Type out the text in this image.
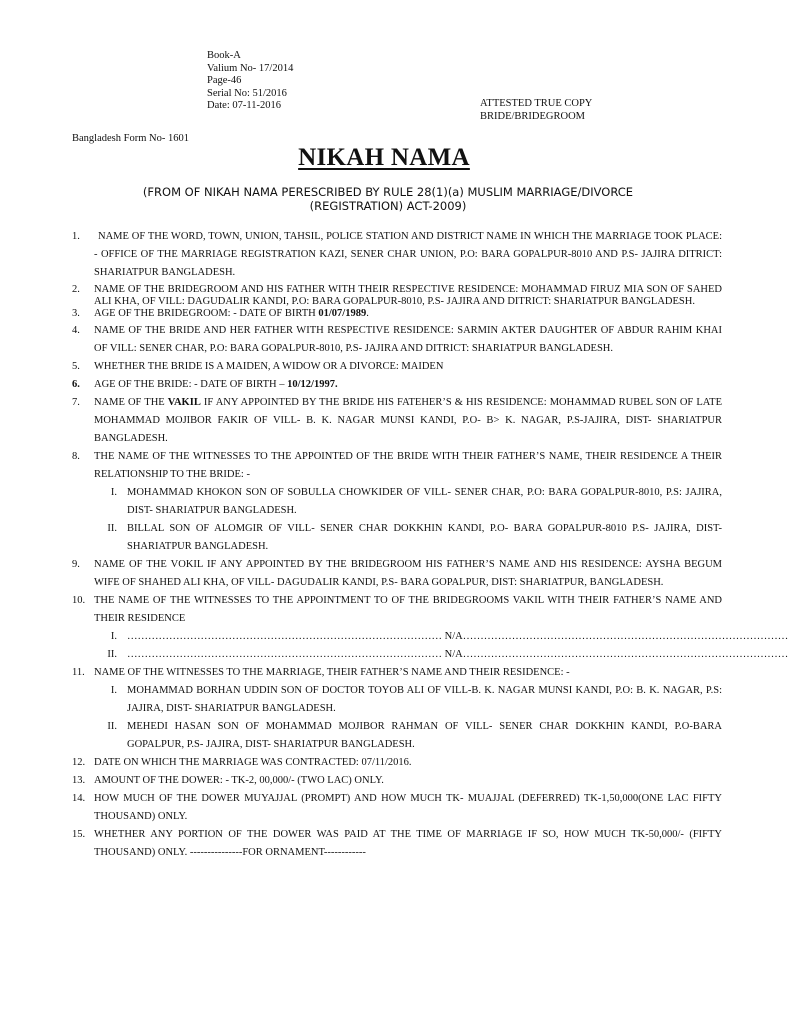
Book-A
Valium No- 17/2014
Page-46
Serial No: 51/2016
Date: 07-11-2016	ATTESTED TRUE COPY
BRIDE/BRIDEGROOM
Bangladesh Form No- 1601
NIKAH NAMA
(FROM OF NIKAH NAMA PERESCRIBED BY RULE 28(1)(a) MUSLIM MARRIAGE/DIVORCE (REGISTRATION) ACT-2009)
1.	NAME OF THE WORD, TOWN, UNION, TAHSIL, POLICE STATION AND DISTRICT NAME IN WHICH THE MARRIAGE TOOK PLACE: - OFFICE OF THE MARRIAGE REGISTRATION KAZI, SENER CHAR UNION, P.O: BARA GOPALPUR-8010 AND P.S- JAJIRA DITRICT: SHARIATPUR BANGLADESH.
2.	NAME OF THE BRIDEGROOM AND HIS FATHER WITH THEIR RESPECTIVE RESIDENCE: MOHAMMAD FIRUZ MIA SON OF SAHED ALI KHA, OF VILL: DAGUDALIR KANDI, P.O: BARA GOPALPUR-8010, P.S- JAJIRA AND DITRICT: SHARIATPUR BANGLADESH.
3.	AGE OF THE BRIDEGROOM: - DATE OF BIRTH 01/07/1989.
4.	NAME OF THE BRIDE AND HER FATHER WITH RESPECTIVE RESIDENCE: SARMIN AKTER DAUGHTER OF ABDUR RAHIM KHAI OF VILL: SENER CHAR, P.O: BARA GOPALPUR-8010, P.S- JAJIRA AND DITRICT: SHARIATPUR BANGLADESH.
5.	WHETHER THE BRIDE IS A MAIDEN, A WIDOW OR A DIVORCE: MAIDEN
6.	AGE OF THE BRIDE: - DATE OF BIRTH – 10/12/1997.
7.	NAME OF THE VAKIL IF ANY APPOINTED BY THE BRIDE HIS FATEHER’S & HIS RESIDENCE: MOHAMMAD RUBEL SON OF LATE MOHAMMAD MOJIBOR FAKIR OF VILL- B. K. NAGAR MUNSI KANDI, P.O- B> K. NAGAR, P.S-JAJIRA, DIST- SHARIATPUR BANGLADESH.
8.	THE NAME OF THE WITNESSES TO THE APPOINTED OF THE BRIDE WITH THEIR FATHER’S NAME, THEIR RESIDENCE A THEIR RELATIONSHIP TO THE BRIDE: -
I. MOHAMMAD KHOKON SON OF SOBULLA CHOWKIDER OF VILL- SENER CHAR, P.O: BARA GOPALPUR-8010, P.S: JAJIRA, DIST- SHARIATPUR BANGLADESH.
II. BILLAL SON OF ALOMGIR OF VILL- SENER CHAR DOKKHIN KANDI, P.O- BARA GOPALPUR-8010 P.S- JAJIRA, DIST- SHARIATPUR BANGLADESH.
9.	NAME OF THE VOKIL IF ANY APPOINTED BY THE BRIDEGROOM HIS FATHER’S NAME AND HIS RESIDENCE: AYSHA BEGUM WIFE OF SHAHED ALI KHA, OF VILL- DAGUDALIR KANDI, P.S- BARA GOPALPUR, DIST: SHARIATPUR, BANGLADESH.
10. THE NAME OF THE WITNESSES TO THE APPOINTMENT TO OF THE BRIDEGROOMS VAKIL WITH THEIR FATHER’S NAME AND THEIR RESIDENCE
I. ……………………………………………………………………………… N/A…………………………………………………………………………………
II. ……………………………………………………………………………… N/A…………………………………………………………………………………
11. NAME OF THE WITNESSES TO THE MARRIAGE, THEIR FATHER’S NAME AND THEIR RESIDENCE: -
I. MOHAMMAD BORHAN UDDIN SON OF DOCTOR TOYOB ALI OF VILL-B. K. NAGAR MUNSI KANDI, P.O: B. K. NAGAR, P.S: JAJIRA, DIST- SHARIATPUR BANGLADESH.
II. MEHEDI HASAN SON OF MOHAMMAD MOJIBOR RAHMAN OF VILL- SENER CHAR DOKKHIN KANDI, P.O-BARA GOPALPUR, P.S- JAJIRA, DIST- SHARIATPUR BANGLADESH.
12. DATE ON WHICH THE MARRIAGE WAS CONTRACTED: 07/11/2016.
13. AMOUNT OF THE DOWER: - TK-2, 00,000/- (TWO LAC) ONLY.
14. HOW MUCH OF THE DOWER MUYAJJAL (PROMPT) AND HOW MUCH TK- MUAJJAL (DEFERRED) TK-1,50,000(ONE LAC FIFTY THOUSAND) ONLY.
15. WHETHER ANY PORTION OF THE DOWER WAS PAID AT THE TIME OF MARRIAGE IF SO, HOW MUCH TK-50,000/- (FIFTY THOUSAND) ONLY. ---------------FOR ORNAMENT------------
